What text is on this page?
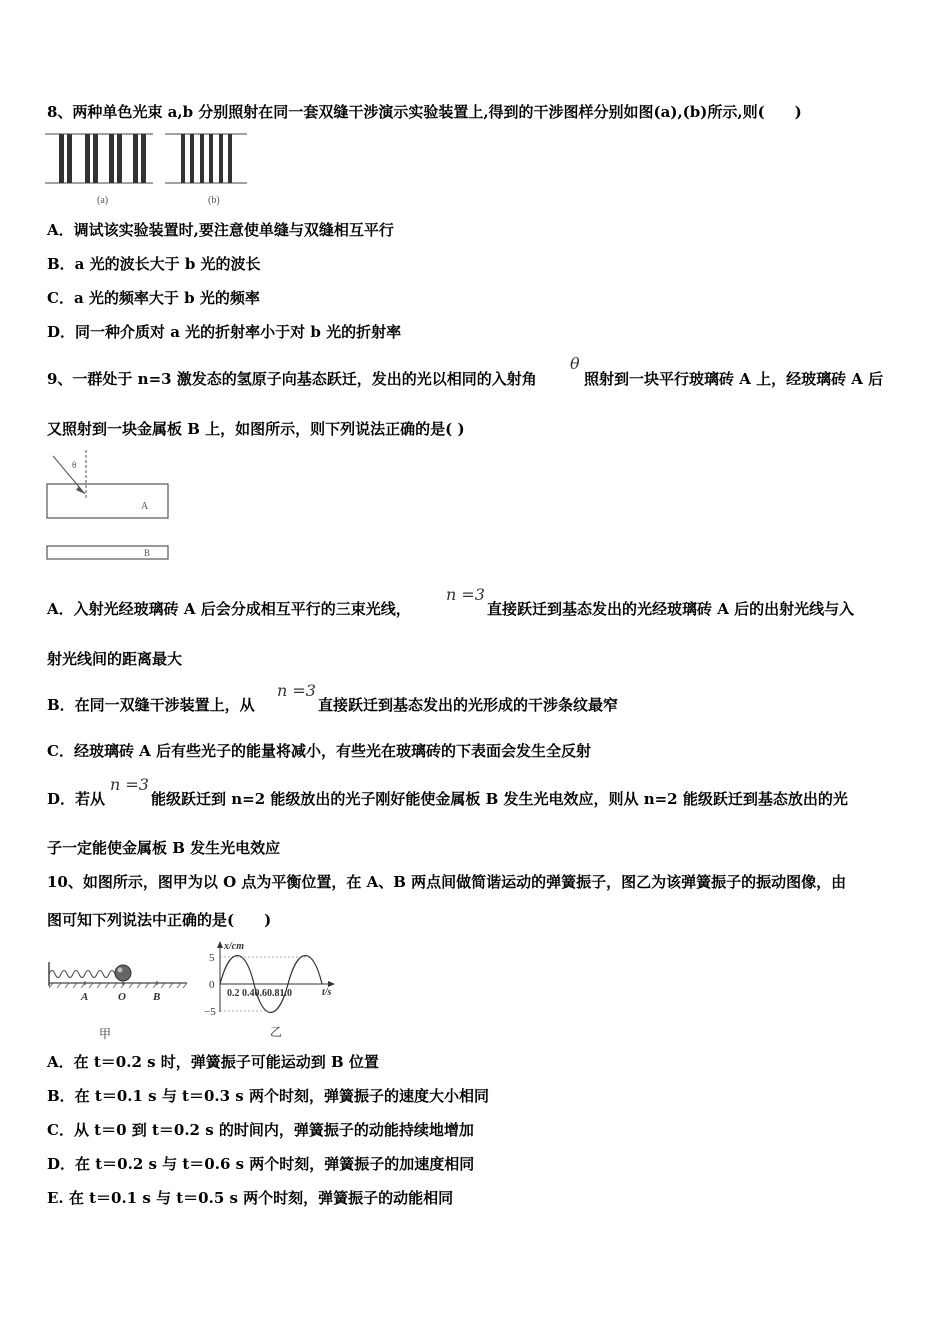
8、两种单色光束 a,b 分别照射在同一套双缝干涉演示实验装置上,得到的干涉图样分别如图(a),(b)所示,则(　　)
(a)	(b)
A．调试该实验装置时,要注意使单缝与双缝相互平行
B．a 光的波长大于 b 光的波长
C．a 光的频率大于 b 光的频率
D．同一种介质对 a 光的折射率小于对 b 光的折射率
9、一群处于 n=3 激发态的氢原子向基态跃迁，发出的光以相同的入射角
θ
照射到一块平行玻璃砖 A 上，经玻璃砖 A 后
又照射到一块金属板 B 上，如图所示，则下列说法正确的是( )
θ
A
B
A．入射光经玻璃砖 A 后会分成相互平行的三束光线，
n =3
直接跃迁到基态发出的光经玻璃砖 A 后的出射光线与入
射光线间的距离最大
B．在同一双缝干涉装置上，从
n =3
直接跃迁到基态发出的光形成的干涉条纹最窄
C．经玻璃砖 A 后有些光子的能量将减小，有些光在玻璃砖的下表面会发生全反射
D．若从
n =3
能级跃迁到 n=2 能级放出的光子刚好能使金属板 B 发生光电效应，则从 n=2 能级跃迁到基态放出的光
子一定能使金属板 B 发生光电效应
10、如图所示，图甲为以 O 点为平衡位置，在 A、B 两点间做简谐运动的弹簧振子，图乙为该弹簧振子的振动图像，由
图可知下列说法中正确的是(　　)
A	O B
甲
x/cm
t/s
5
0
−5
0.2 0.40.60.81.0
乙
A．在 t＝0.2 s 时，弹簧振子可能运动到 B 位置
B．在 t＝0.1 s 与 t＝0.3 s 两个时刻，弹簧振子的速度大小相同
C．从 t＝0 到 t＝0.2 s 的时间内，弹簧振子的动能持续地增加
D．在 t＝0.2 s 与 t＝0.6 s 两个时刻，弹簧振子的加速度相同
E. 在 t＝0.1 s 与 t＝0.5 s 两个时刻，弹簧振子的动能相同
